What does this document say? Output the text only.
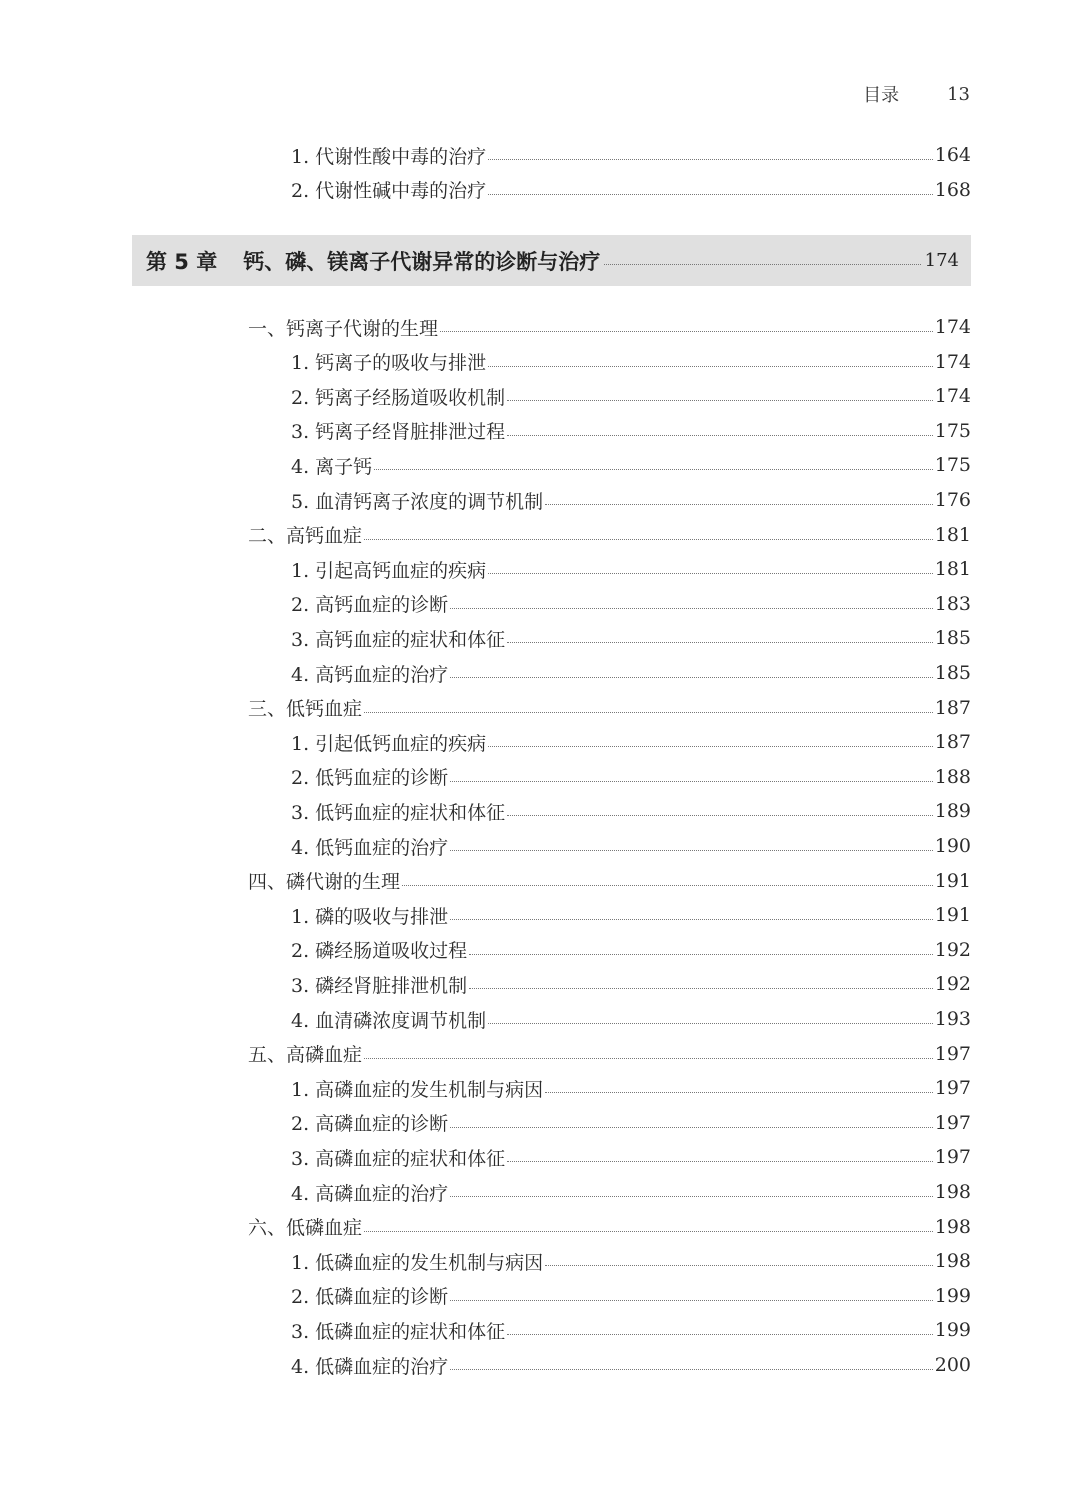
目录	13
1. 代谢性酸中毒的治疗	164
2. 代谢性碱中毒的治疗	168
第 5 章 钙、磷、镁离子代谢异常的诊断与治疗	174
一、钙离子代谢的生理	174
1. 钙离子的吸收与排泄	174
2. 钙离子经肠道吸收机制	174
3. 钙离子经肾脏排泄过程	175
4. 离子钙	175
5. 血清钙离子浓度的调节机制	176
二、高钙血症	181
1. 引起高钙血症的疾病	181
2. 高钙血症的诊断	183
3. 高钙血症的症状和体征	185
4. 高钙血症的治疗	185
三、低钙血症	187
1. 引起低钙血症的疾病	187
2. 低钙血症的诊断	188
3. 低钙血症的症状和体征	189
4. 低钙血症的治疗	190
四、磷代谢的生理	191
1. 磷的吸收与排泄	191
2. 磷经肠道吸收过程	192
3. 磷经肾脏排泄机制	192
4. 血清磷浓度调节机制	193
五、高磷血症	197
1. 高磷血症的发生机制与病因	197
2. 高磷血症的诊断	197
3. 高磷血症的症状和体征	197
4. 高磷血症的治疗	198
六、低磷血症	198
1. 低磷血症的发生机制与病因	198
2. 低磷血症的诊断	199
3. 低磷血症的症状和体征	199
4. 低磷血症的治疗	200
